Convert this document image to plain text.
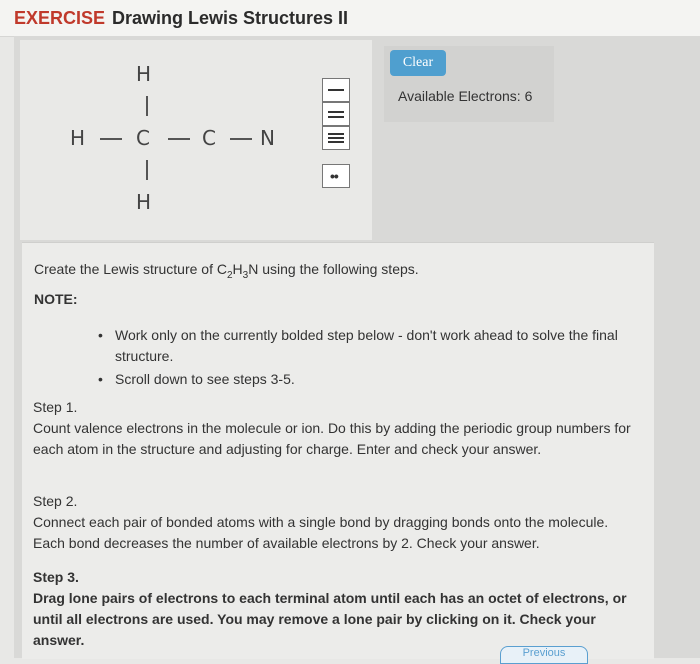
EXERCISE Drawing Lewis Structures II
H
H	C	C N
H
••
Clear
Available Electrons: 6

Create the Lewis structure of $C_2H_3N$ using the following steps.

NOTE:

• Work only on the currently bolded step below - don't work ahead to solve the final structure.
• Scroll down to see steps 3-5.
Step 1.
Count valence electrons in the molecule or ion. Do this by adding the periodic group numbers for each atom in the structure and adjusting for charge. Enter and check your answer.
Step 2.
Connect each pair of bonded atoms with a single bond by dragging bonds onto the molecule. Each bond decreases the number of available electrons by 2. Check your answer.
Step 3.
Drag lone pairs of electrons to each terminal atom until each has an octet of electrons, or until all electrons are used. You may remove a lone pair by clicking on it. Check your answer.
Previous
